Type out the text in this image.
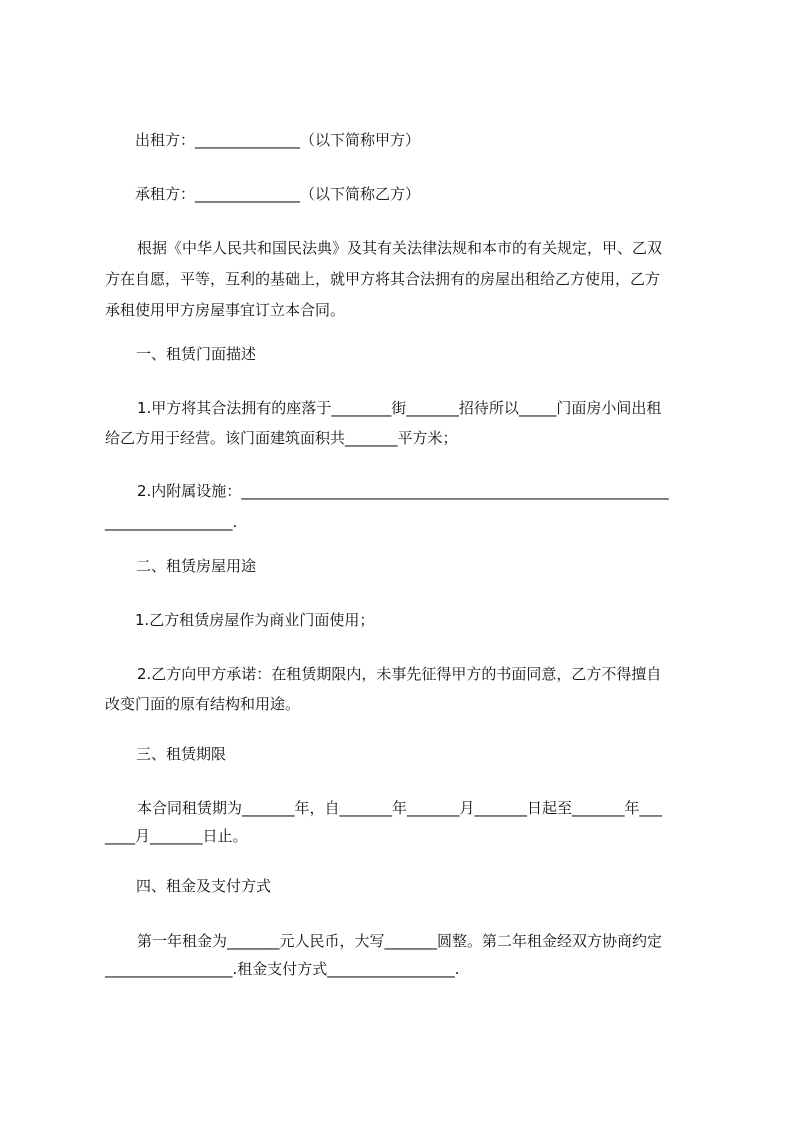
出租方：______________（以下简称甲方）
承租方：______________（以下简称乙方）
根据《中华人民共和国民法典》及其有关法律法规和本市的有关规定，甲、乙双
方在自愿，平等，互利的基础上，就甲方将其合法拥有的房屋出租给乙方使用，乙方
承租使用甲方房屋事宜订立本合同。
一、租赁门面描述
1.甲方将其合法拥有的座落于________街_______招待所以_____门面房小间出租
给乙方用于经营。该门面建筑面积共_______平方米；
2.内附属设施：_________________________________________________________
_________________.
二、租赁房屋用途
1.乙方租赁房屋作为商业门面使用；
2.乙方向甲方承诺：在租赁期限内，未事先征得甲方的书面同意，乙方不得擅自
改变门面的原有结构和用途。
三、租赁期限
本合同租赁期为_______年，自_______年_______月_______日起至_______年___
____月_______日止。
四、租金及支付方式
第一年租金为_______元人民币，大写_______圆整。第二年租金经双方协商约定
_________________.租金支付方式_________________.
